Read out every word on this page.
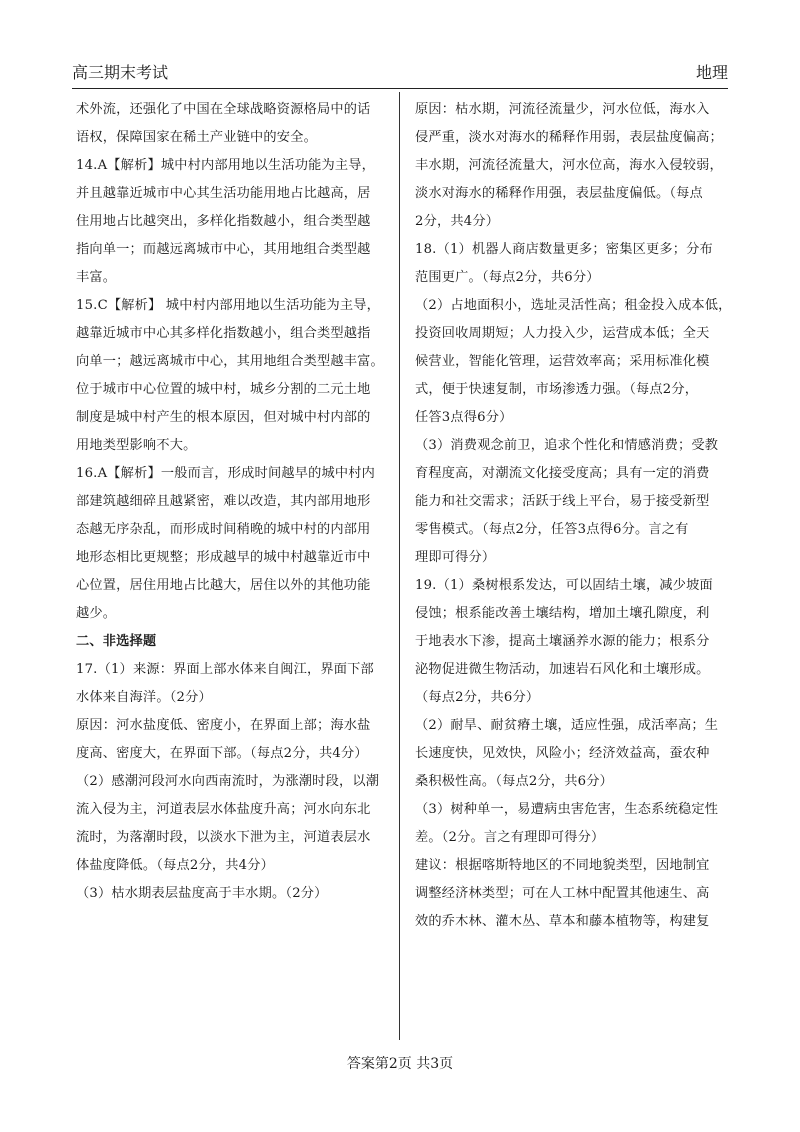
高三期末考试	地理

术外流，还强化了中国在全球战略资源格局中的话

语权，保障国家在稀土产业链中的安全。

14.A【解析】城中村内部用地以生活功能为主导，

并且越靠近城市中心其生活功能用地占比越高，居

住用地占比越突出，多样化指数越小，组合类型越

指向单一；而越远离城市中心，其用地组合类型越

丰富。

15.C【解析】 城中村内部用地以生活功能为主导，

越靠近城市中心其多样化指数越小，组合类型越指

向单一；越远离城市中心，其用地组合类型越丰富。

位于城市中心位置的城中村，城乡分割的二元土地

制度是城中村产生的根本原因，但对城中村内部的

用地类型影响不大。

16.A【解析】一般而言，形成时间越早的城中村内

部建筑越细碎且越紧密，难以改造，其内部用地形

态越无序杂乱，而形成时间稍晚的城中村的内部用

地形态相比更规整；形成越早的城中村越靠近市中

心位置，居住用地占比越大，居住以外的其他功能

越少。

二、非选择题

17.（1）来源：界面上部水体来自闽江，界面下部

水体来自海洋。（2分）

原因：河水盐度低、密度小，在界面上部；海水盐

度高、密度大，在界面下部。（每点2分，共4分）

（2）感潮河段河水向西南流时，为涨潮时段，以潮

流入侵为主，河道表层水体盐度升高；河水向东北

流时，为落潮时段，以淡水下泄为主，河道表层水

体盐度降低。（每点2分，共4分）

（3）枯水期表层盐度高于丰水期。（2分）

原因：枯水期，河流径流量少，河水位低，海水入

侵严重，淡水对海水的稀释作用弱，表层盐度偏高；

丰水期，河流径流量大，河水位高，海水入侵较弱，

淡水对海水的稀释作用强，表层盐度偏低。（每点

2分，共4分）

18.（1）机器人商店数量更多；密集区更多；分布

范围更广。（每点2分，共6分）

（2）占地面积小，选址灵活性高；租金投入成本低，

投资回收周期短；人力投入少，运营成本低；全天

候营业，智能化管理，运营效率高；采用标准化模

式，便于快速复制，市场渗透力强。（每点2分，

任答3点得6分）

（3）消费观念前卫，追求个性化和情感消费；受教

育程度高，对潮流文化接受度高；具有一定的消费

能力和社交需求；活跃于线上平台，易于接受新型

零售模式。（每点2分，任答3点得6分。言之有

理即可得分）

19.（1）桑树根系发达，可以固结土壤，减少坡面

侵蚀；根系能改善土壤结构，增加土壤孔隙度，利

于地表水下渗，提高土壤涵养水源的能力；根系分

泌物促进微生物活动，加速岩石风化和土壤形成。

（每点2分，共6分）

（2）耐旱、耐贫瘠土壤，适应性强，成活率高；生

长速度快，见效快，风险小；经济效益高，蚕农种

桑积极性高。（每点2分，共6分）

（3）树种单一，易遭病虫害危害，生态系统稳定性

差。（2分。言之有理即可得分）

建议：根据喀斯特地区的不同地貌类型，因地制宜

调整经济林类型；可在人工林中配置其他速生、高

效的乔木林、灌木丛、草本和藤本植物等，构建复

答案第2页 共3页
